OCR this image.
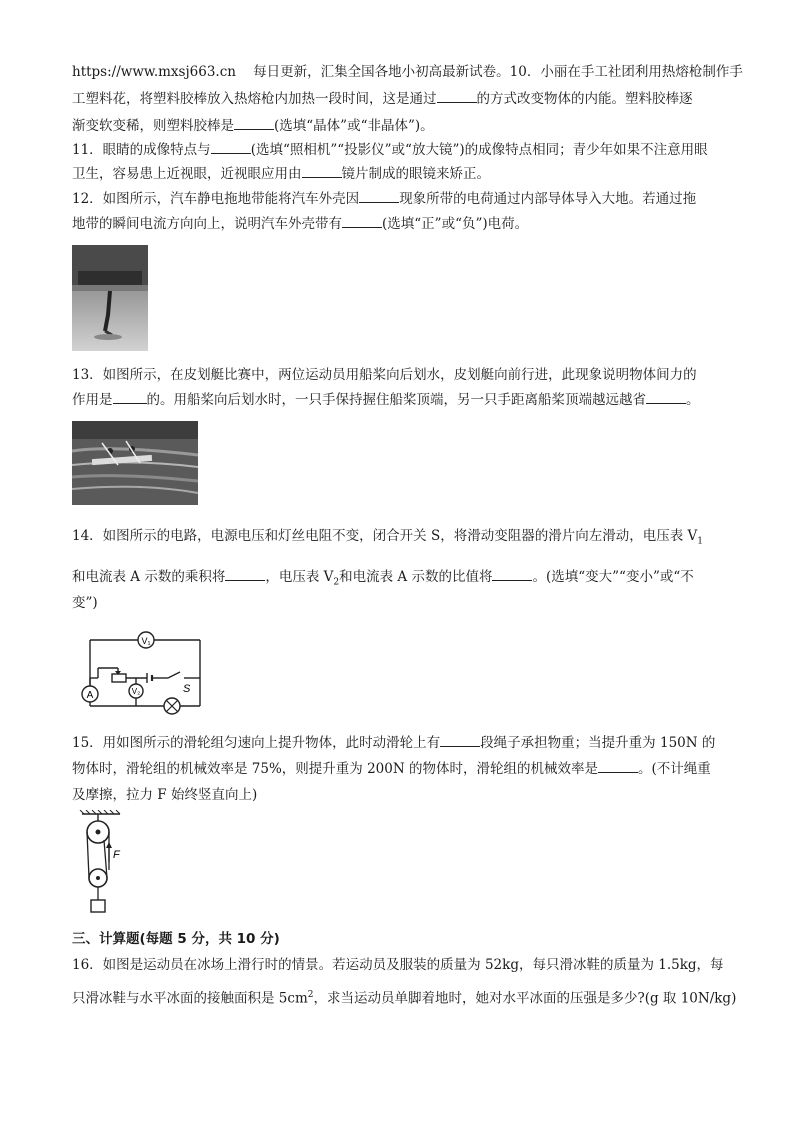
https://www.mxsj663.cn 每日更新，汇集全国各地小初高最新试卷。10．小丽在手工社团利用热熔枪制作手
工塑料花，将塑料胶棒放入热熔枪内加热一段时间，这是通过	的方式改变物体的内能。塑料胶棒逐
渐变软变稀，则塑料胶棒是	(选填“晶体”或“非晶体”)。
11．眼睛的成像特点与	(选填“照相机”“投影仪”或“放大镜”)的成像特点相同；青少年如果不注意用眼
卫生，容易患上近视眼，近视眼应用由	镜片制成的眼镜来矫正。
12．如图所示，汽车静电拖地带能将汽车外壳因	现象所带的电荷通过内部导体导入大地。若通过拖
地带的瞬间电流方向向上，说明汽车外壳带有	(选填“正”或“负”)电荷。
13．如图所示，在皮划艇比赛中，两位运动员用船桨向后划水，皮划艇向前行进，此现象说明物体间力的
作用是	的。用船桨向后划水时，一只手保持握住船桨顶端，另一只手距离船桨顶端越远越省	。
14．如图所示的电路，电源电压和灯丝电阻不变，闭合开关 S，将滑动变阻器的滑片向左滑动，电压表 $V_1$
和电流表 A 示数的乘积将	，电压表 $V_2$和电流表 A 示数的比值将	。(选填“变大”“变小”或“不
变”)
V₁
A	V₂	S
15．用如图所示的滑轮组匀速向上提升物体，此时动滑轮上有	段绳子承担物重；当提升重为 150N 的
物体时，滑轮组的机械效率是 75%，则提升重为 200N 的物体时，滑轮组的机械效率是	。(不计绳重
及摩擦，拉力 F 始终竖直向上)
F
三、计算题(每题 5 分，共 10 分)
16．如图是运动员在冰场上滑行时的情景。若运动员及服装的质量为 52kg，每只滑冰鞋的质量为 1.5kg，每
只滑冰鞋与水平冰面的接触面积是 $5cm^2$，求当运动员单脚着地时，她对水平冰面的压强是多少?(g 取 10N/kg)
